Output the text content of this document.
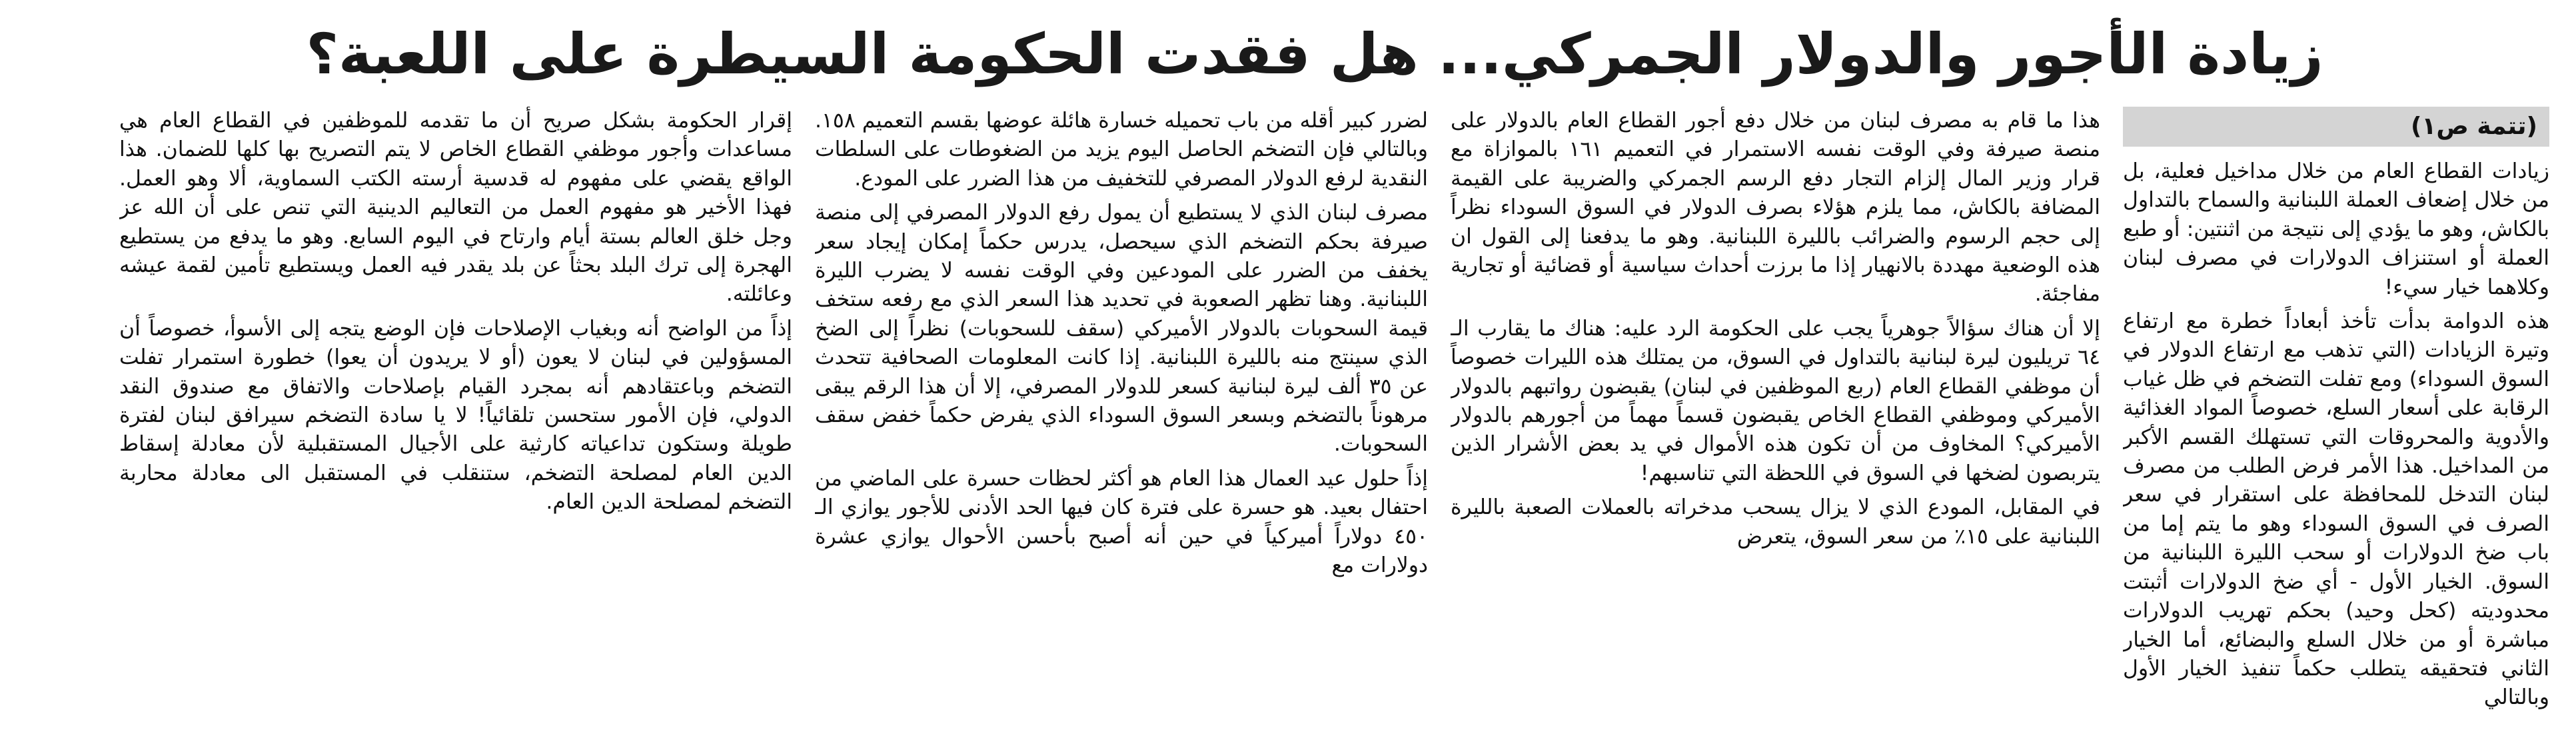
زيادة الأجور والدولار الجمركي... هل فقدت الحكومة السيطرة على اللعبة؟
(تتمة ص١)

زيادات القطاع العام من خلال مداخيل فعلية، بل من خلال إضعاف العملة اللبنانية والسماح بالتداول بالكاش، وهو ما يؤدي إلى نتيجة من اثنتين: أو طبع العملة أو استنزاف الدولارات في مصرف لبنان وكلاهما خيار سيء!

هذه الدوامة بدأت تأخذ أبعاداً خطرة مع ارتفاع وتيرة الزيادات (التي تذهب مع ارتفاع الدولار في السوق السوداء) ومع تفلت التضخم في ظل غياب الرقابة على أسعار السلع، خصوصاً المواد الغذائية والأدوية والمحروقات التي تستهلك القسم الأكبر من المداخيل. هذا الأمر فرض الطلب من مصرف لبنان التدخل للمحافظة على استقرار في سعر الصرف في السوق السوداء وهو ما يتم إما من باب ضخ الدولارات أو سحب الليرة اللبنانية من السوق. الخيار الأول - أي ضخ الدولارات أثبتت محدوديته (كحل وحيد) بحكم تهريب الدولارات مباشرة أو من خلال السلع والبضائع، أما الخيار الثاني فتحقيقه يتطلب حكماً تنفيذ الخيار الأول وبالتالي

هذا ما قام به مصرف لبنان من خلال دفع أجور القطاع العام بالدولار على منصة صيرفة وفي الوقت نفسه الاستمرار في التعميم ١٦١ بالموازاة مع قرار وزير المال إلزام التجار دفع الرسم الجمركي والضريبة على القيمة المضافة بالكاش، مما يلزم هؤلاء بصرف الدولار في السوق السوداء نظراً إلى حجم الرسوم والضرائب بالليرة اللبنانية. وهو ما يدفعنا إلى القول ان هذه الوضعية مهددة بالانهيار إذا ما برزت أحداث سياسية أو قضائية أو تجارية مفاجئة.

إلا أن هناك سؤالاً جوهرياً يجب على الحكومة الرد عليه: هناك ما يقارب الـ ٦٤ تريليون ليرة لبنانية بالتداول في السوق، من يمتلك هذه الليرات خصوصاً أن موظفي القطاع العام (ربع الموظفين في لبنان) يقبضون رواتبهم بالدولار الأميركي وموظفي القطاع الخاص يقبضون قسماً مهماً من أجورهم بالدولار الأميركي؟ المخاوف من أن تكون هذه الأموال في يد بعض الأشرار الذين يتربصون لضخها في السوق في اللحظة التي تناسبهم!

في المقابل، المودع الذي لا يزال يسحب مدخراته بالعملات الصعبة بالليرة اللبنانية على ١٥٪ من سعر السوق، يتعرض

لضرر كبير أقله من باب تحميله خسارة هائلة عوضها بقسم التعميم ١٥٨. وبالتالي فإن التضخم الحاصل اليوم يزيد من الضغوطات على السلطات النقدية لرفع الدولار المصرفي للتخفيف من هذا الضرر على المودع.

مصرف لبنان الذي لا يستطيع أن يمول رفع الدولار المصرفي إلى منصة صيرفة بحكم التضخم الذي سيحصل، يدرس حكماً إمكان إيجاد سعر يخفف من الضرر على المودعين وفي الوقت نفسه لا يضرب الليرة اللبنانية. وهنا تظهر الصعوبة في تحديد هذا السعر الذي مع رفعه ستخف قيمة السحوبات بالدولار الأميركي (سقف للسحوبات) نظراً إلى الضخ الذي سينتج منه بالليرة اللبنانية. إذا كانت المعلومات الصحافية تتحدث عن ٣٥ ألف ليرة لبنانية كسعر للدولار المصرفي، إلا أن هذا الرقم يبقى مرهوناً بالتضخم وبسعر السوق السوداء الذي يفرض حكماً خفض سقف السحوبات.

إذاً حلول عيد العمال هذا العام هو أكثر لحظات حسرة على الماضي من احتفال بعيد. هو حسرة على فترة كان فيها الحد الأدنى للأجور يوازي الـ ٤٥٠ دولاراً أميركياً في حين أنه أصبح بأحسن الأحوال يوازي عشرة دولارات مع

إقرار الحكومة بشكل صريح أن ما تقدمه للموظفين في القطاع العام هي مساعدات وأجور موظفي القطاع الخاص لا يتم التصريح بها كلها للضمان. هذا الواقع يقضي على مفهوم له قدسية أرسته الكتب السماوية، ألا وهو العمل. فهذا الأخير هو مفهوم العمل من التعاليم الدينية التي تنص على أن الله عز وجل خلق العالم بستة أيام وارتاح في اليوم السابع. وهو ما يدفع من يستطيع الهجرة إلى ترك البلد بحثاً عن بلد يقدر فيه العمل ويستطيع تأمين لقمة عيشه وعائلته.

إذاً من الواضح أنه وبغياب الإصلاحات فإن الوضع يتجه إلى الأسوأ، خصوصاً أن المسؤولين في لبنان لا يعون (أو لا يريدون أن يعوا) خطورة استمرار تفلت التضخم وباعتقادهم أنه بمجرد القيام بإصلاحات والاتفاق مع صندوق النقد الدولي، فإن الأمور ستحسن تلقائياً! لا يا سادة التضخم سيرافق لبنان لفترة طويلة وستكون تداعياته كارثية على الأجيال المستقبلية لأن معادلة إسقاط الدين العام لمصلحة التضخم، ستنقلب في المستقبل الى معادلة محاربة التضخم لمصلحة الدين العام.
